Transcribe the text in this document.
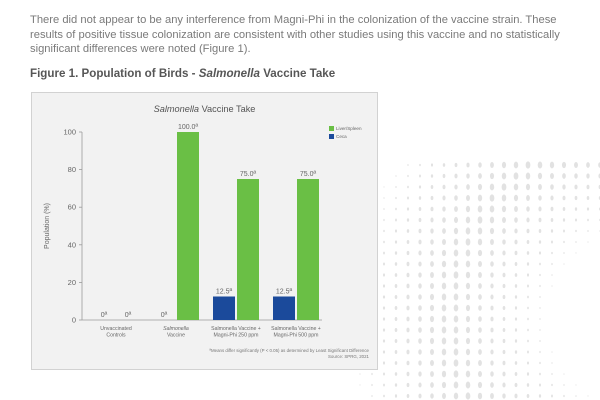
There did not appear to be any interference from Magni-Phi in the colonization of the vaccine strain. These results of positive tissue colonization are consistent with other studies using this vaccine and no statistically significant differences were noted (Figure 1).

Figure 1. Population of Birds - Salmonella Vaccine Take
0
20
40
60
80
100
Population (%)
0ª	0ª
Unvaccinated
Controls
0ª
100.0ª
Salmonella
Vaccine
12.5ª
75.0ª
Salmonella Vaccine +
Magni-Phi 250 ppm
12.5ª
75.0ª
Salmonella Vaccine +
Magni-Phi 500 ppm
Salmonella Vaccine Take
Liver/Spleen
Ceca
ªMeans differ significantly (P < 0.05) as determined by Least Significant Difference
Source: SPRG, 2021
